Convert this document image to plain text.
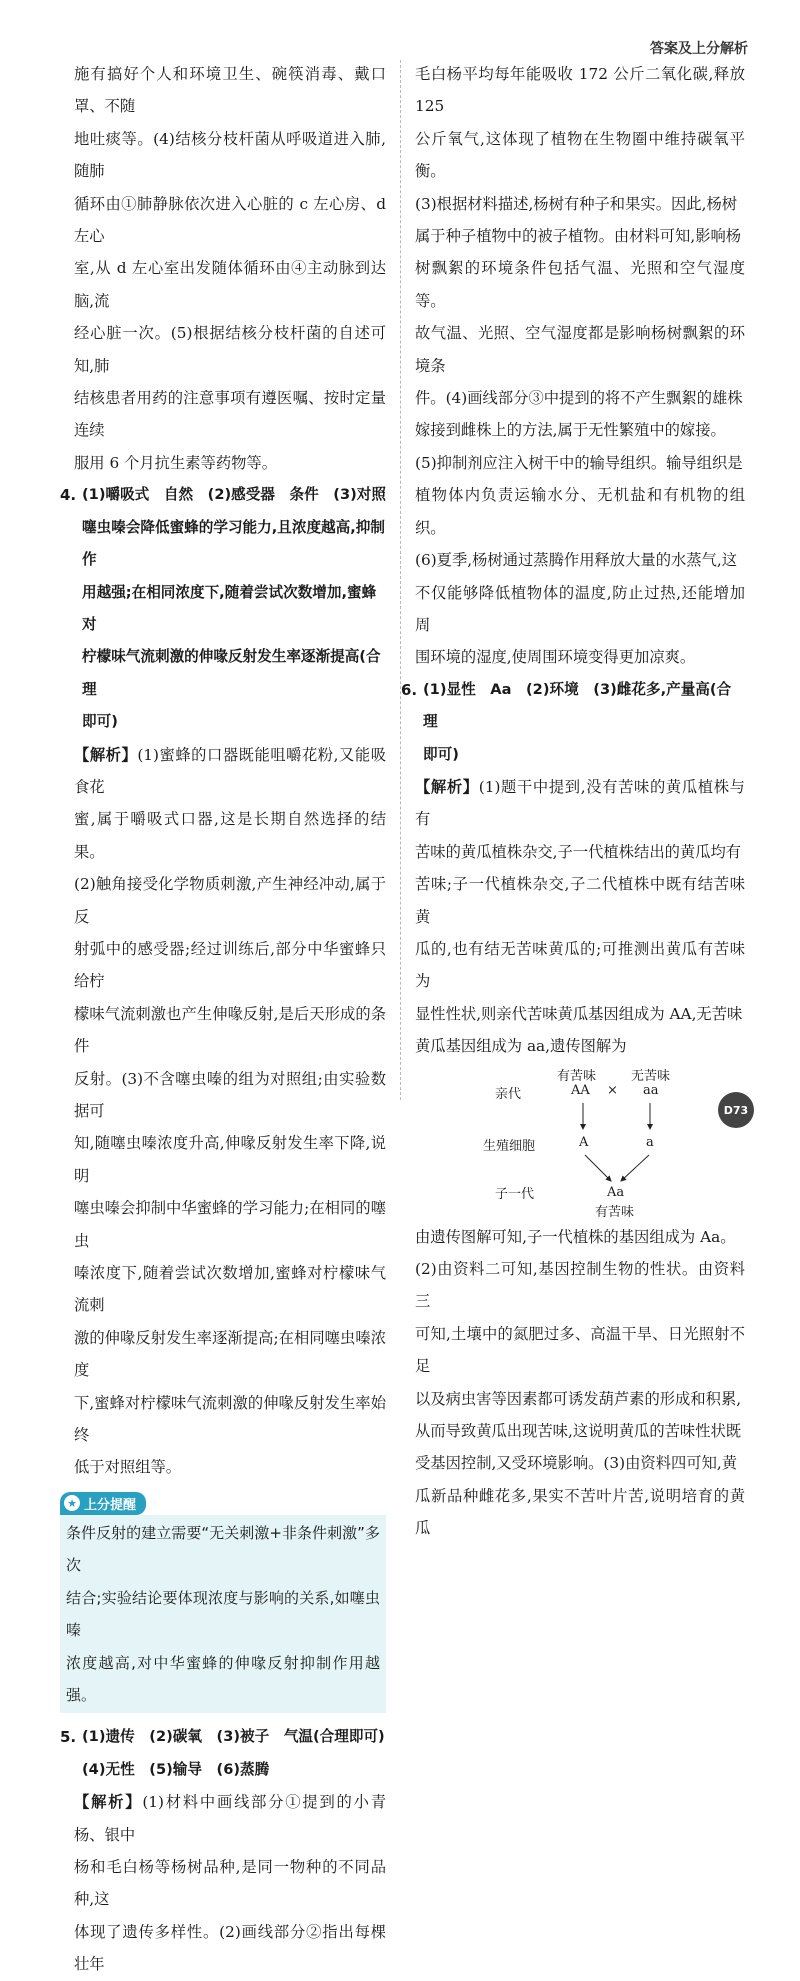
答案及上分解析

施有搞好个人和环境卫生、碗筷消毒、戴口罩、不随

地吐痰等。(4)结核分枝杆菌从呼吸道进入肺,随肺

循环由①肺静脉依次进入心脏的 c 左心房、d 左心

室,从 d 左心室出发随体循环由④主动脉到达脑,流

经心脏一次。(5)根据结核分枝杆菌的自述可知,肺

结核患者用药的注意事项有遵医嘱、按时定量连续

服用 6 个月抗生素等药物等。

4. (1)嚼吸式　自然　(2)感受器　条件　(3)对照
噻虫嗪会降低蜜蜂的学习能力,且浓度越高,抑制作
用越强;在相同浓度下,随着尝试次数增加,蜜蜂对
柠檬味气流刺激的伸喙反射发生率逐渐提高(合理
即可)

【解析】(1)蜜蜂的口器既能咀嚼花粉,又能吸食花

蜜,属于嚼吸式口器,这是长期自然选择的结果。

(2)触角接受化学物质刺激,产生神经冲动,属于反

射弧中的感受器;经过训练后,部分中华蜜蜂只给柠

檬味气流刺激也产生伸喙反射,是后天形成的条件

反射。(3)不含噻虫嗪的组为对照组;由实验数据可

知,随噻虫嗪浓度升高,伸喙反射发生率下降,说明

噻虫嗪会抑制中华蜜蜂的学习能力;在相同的噻虫

嗪浓度下,随着尝试次数增加,蜜蜂对柠檬味气流刺

激的伸喙反射发生率逐渐提高;在相同噻虫嗪浓度

下,蜜蜂对柠檬味气流刺激的伸喙反射发生率始终

低于对照组等。

★ 上分提醒

条件反射的建立需要“无关刺激+非条件刺激”多次

结合;实验结论要体现浓度与影响的关系,如噻虫嗪

浓度越高,对中华蜜蜂的伸喙反射抑制作用越强。

5. (1)遗传　(2)碳氧　(3)被子　气温(合理即可)
(4)无性　(5)输导　(6)蒸腾

【解析】(1)材料中画线部分①提到的小青杨、银中

杨和毛白杨等杨树品种,是同一物种的不同品种,这

体现了遗传多样性。(2)画线部分②指出每棵壮年

毛白杨平均每年能吸收 172 公斤二氧化碳,释放 125

公斤氧气,这体现了植物在生物圈中维持碳氧平衡。

(3)根据材料描述,杨树有种子和果实。因此,杨树

属于种子植物中的被子植物。由材料可知,影响杨

树飘絮的环境条件包括气温、光照和空气湿度等。

故气温、光照、空气湿度都是影响杨树飘絮的环境条

件。(4)画线部分③中提到的将不产生飘絮的雄株

嫁接到雌株上的方法,属于无性繁殖中的嫁接。

(5)抑制剂应注入树干中的输导组织。输导组织是

植物体内负责运输水分、无机盐和有机物的组织。

(6)夏季,杨树通过蒸腾作用释放大量的水蒸气,这

不仅能够降低植物体的温度,防止过热,还能增加周

围环境的湿度,使周围环境变得更加凉爽。

6. (1)显性　Aa　(2)环境　(3)雌花多,产量高(合理
即可)

【解析】(1)题干中提到,没有苦味的黄瓜植株与有

苦味的黄瓜植株杂交,子一代植株结出的黄瓜均有

苦味;子一代植株杂交,子二代植株中既有结苦味黄

瓜的,也有结无苦味黄瓜的;可推测出黄瓜有苦味为

显性性状,则亲代苦味黄瓜基因组成为 AA,无苦味

黄瓜基因组成为 aa,遗传图解为

有苦味	无苦味
亲代	AA × aa
生殖细胞	A	a
子一代	Aa
有苦味

由遗传图解可知,子一代植株的基因组成为 Aa。

(2)由资料二可知,基因控制生物的性状。由资料三

可知,土壤中的氮肥过多、高温干旱、日光照射不足

以及病虫害等因素都可诱发葫芦素的形成和积累,

从而导致黄瓜出现苦味,这说明黄瓜的苦味性状既

受基因控制,又受环境影响。(3)由资料四可知,黄

瓜新品种雌花多,果实不苦叶片苦,说明培育的黄瓜

D73
